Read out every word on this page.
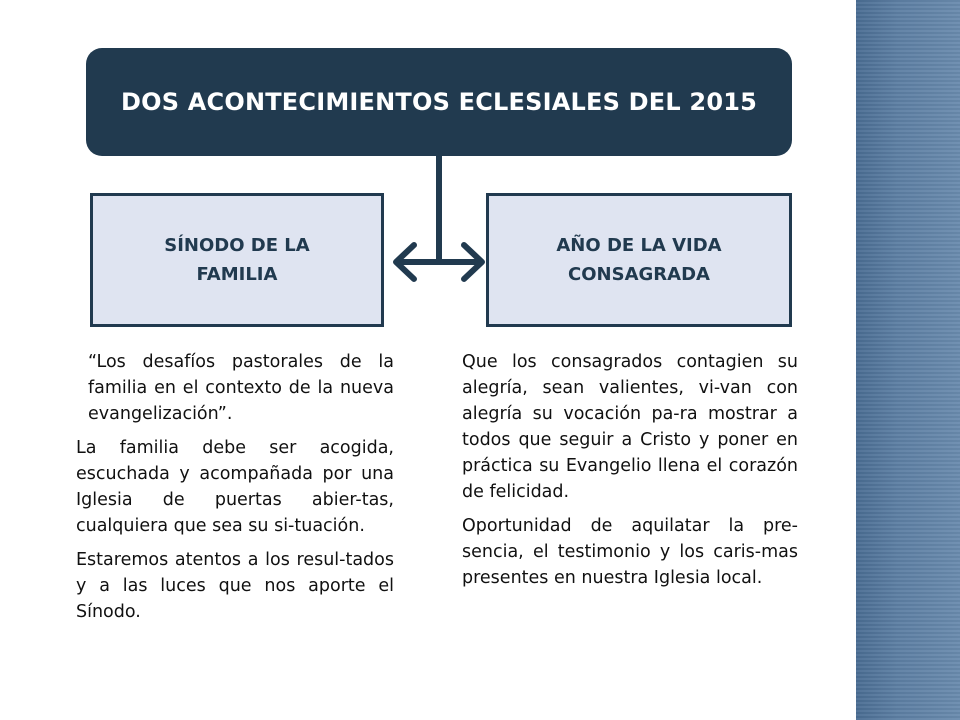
DOS ACONTECIMIENTOS ECLESIALES DEL 2015
SÍNODO DE LA
FAMILIA
AÑO DE LA VIDA
CONSAGRADA

“Los desafíos pastorales de la familia en el contexto de la nueva evangelización”.

La familia debe ser acogida, escuchada y acompañada por una Iglesia de puertas abier-tas, cualquiera que sea su si-tuación.

Estaremos atentos a los resul-tados y a las luces que nos aporte el Sínodo.

Que los consagrados contagien su alegría, sean valientes, vi-van con alegría su vocación pa-ra mostrar a todos que seguir a Cristo y poner en práctica su Evangelio llena el corazón de felicidad.

Oportunidad de aquilatar la pre-sencia, el testimonio y los caris-mas presentes en nuestra Iglesia local.
